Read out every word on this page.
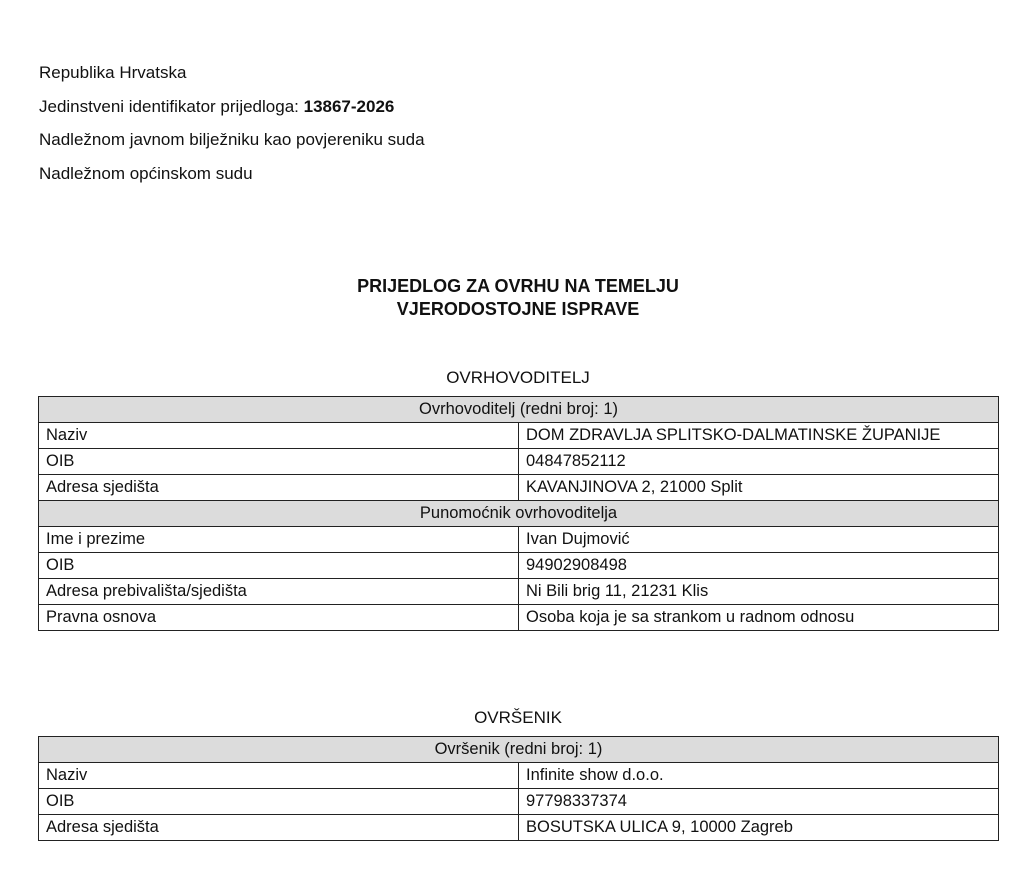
Republika Hrvatska
Jedinstveni identifikator prijedloga: 13867-2026
Nadležnom javnom bilježniku kao povjereniku suda
Nadležnom općinskom sudu
PRIJEDLOG ZA OVRHU NA TEMELJU
VJERODOSTOJNE ISPRAVE
OVRHOVODITELJ
Ovrhovoditelj (redni broj: 1)	
Naziv	DOM ZDRAVLJA SPLITSKO-DALMATINSKE ŽUPANIJE
OIB	04847852112
Adresa sjedišta	KAVANJINOVA 2, 21000 Split
Punomoćnik ovrhovoditelja	
Ime i prezime	Ivan Dujmović
OIB	94902908498
Adresa prebivališta/sjedišta	Ni Bili brig 11, 21231 Klis
Pravna osnova	Osoba koja je sa strankom u radnom odnosu
OVRŠENIK
Ovršenik (redni broj: 1)	
Naziv	Infinite show d.o.o.
OIB	97798337374
Adresa sjedišta	BOSUTSKA ULICA 9, 10000 Zagreb
